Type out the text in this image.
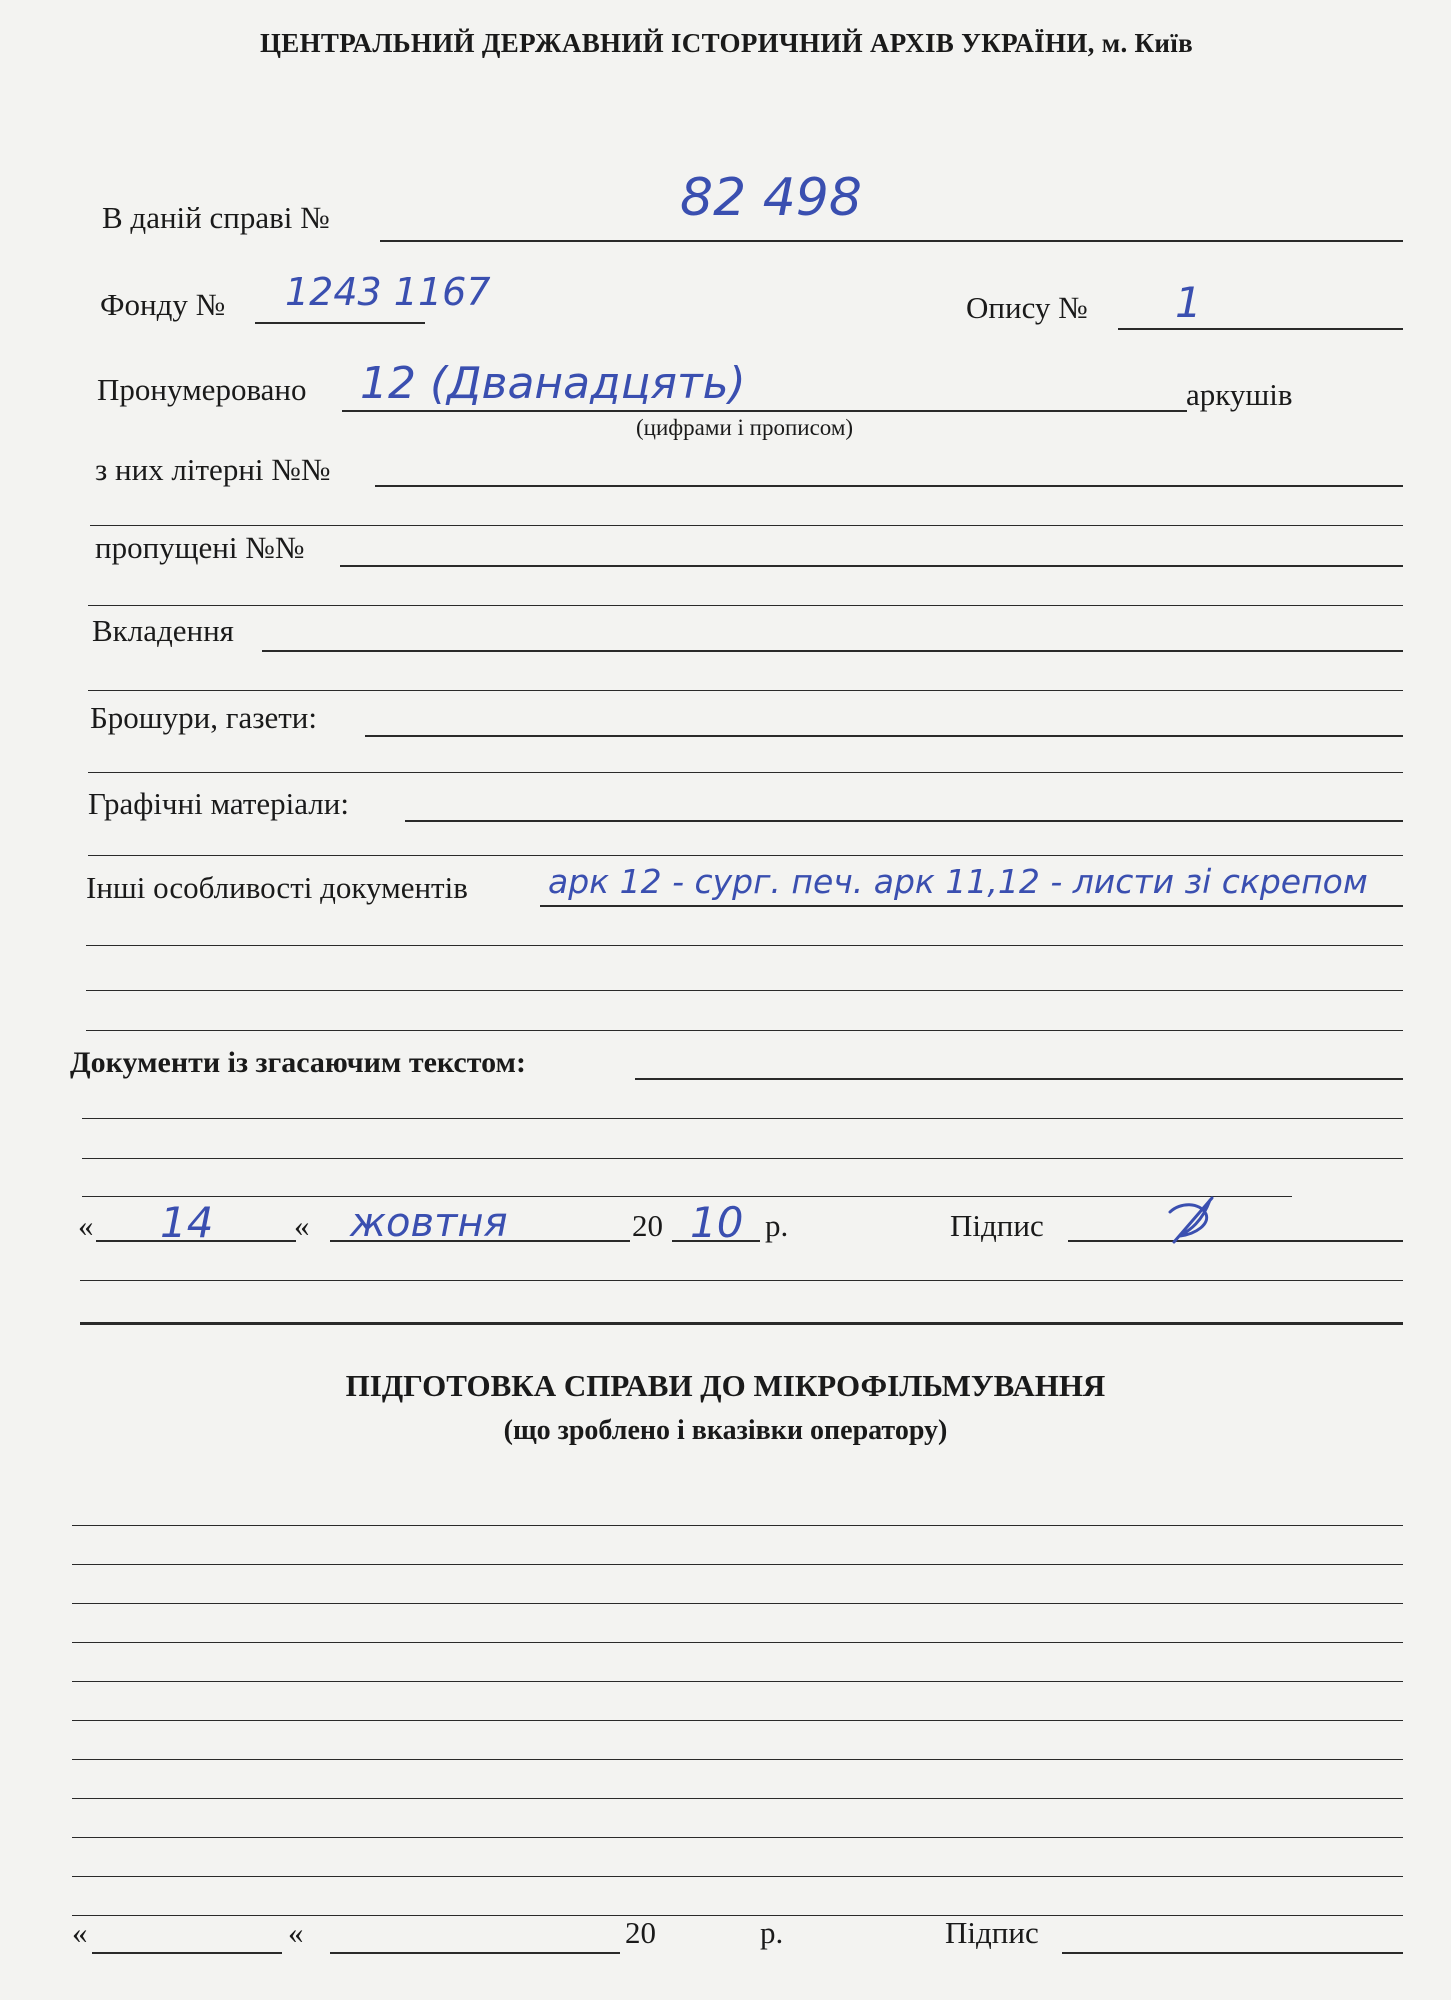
ЦЕНТРАЛЬНИЙ ДЕРЖАВНИЙ ІСТОРИЧНИЙ АРХІВ УКРАЇНИ, м. Київ
В даній справі №	82 498
Фонду № 1243 1167	Опису № 1
Пронумеровано 12 (Дванадцять)	аркушів
(цифрами і прописом)
з них літерні №№
пропущені №№
Вкладення
Брошури, газети:
Графічні матеріали:
Інші особливості документів арк 12 - сург. печ. арк 11,12 - листи зі скрепом
Документи із згасаючим текстом:
« 14	« жовтня	20 10 р.	Підпис
ПІДГОТОВКА СПРАВИ ДО МІКРОФІЛЬМУВАННЯ
(що зроблено і вказівки оператору)
«	«	20	р.	Підпис
